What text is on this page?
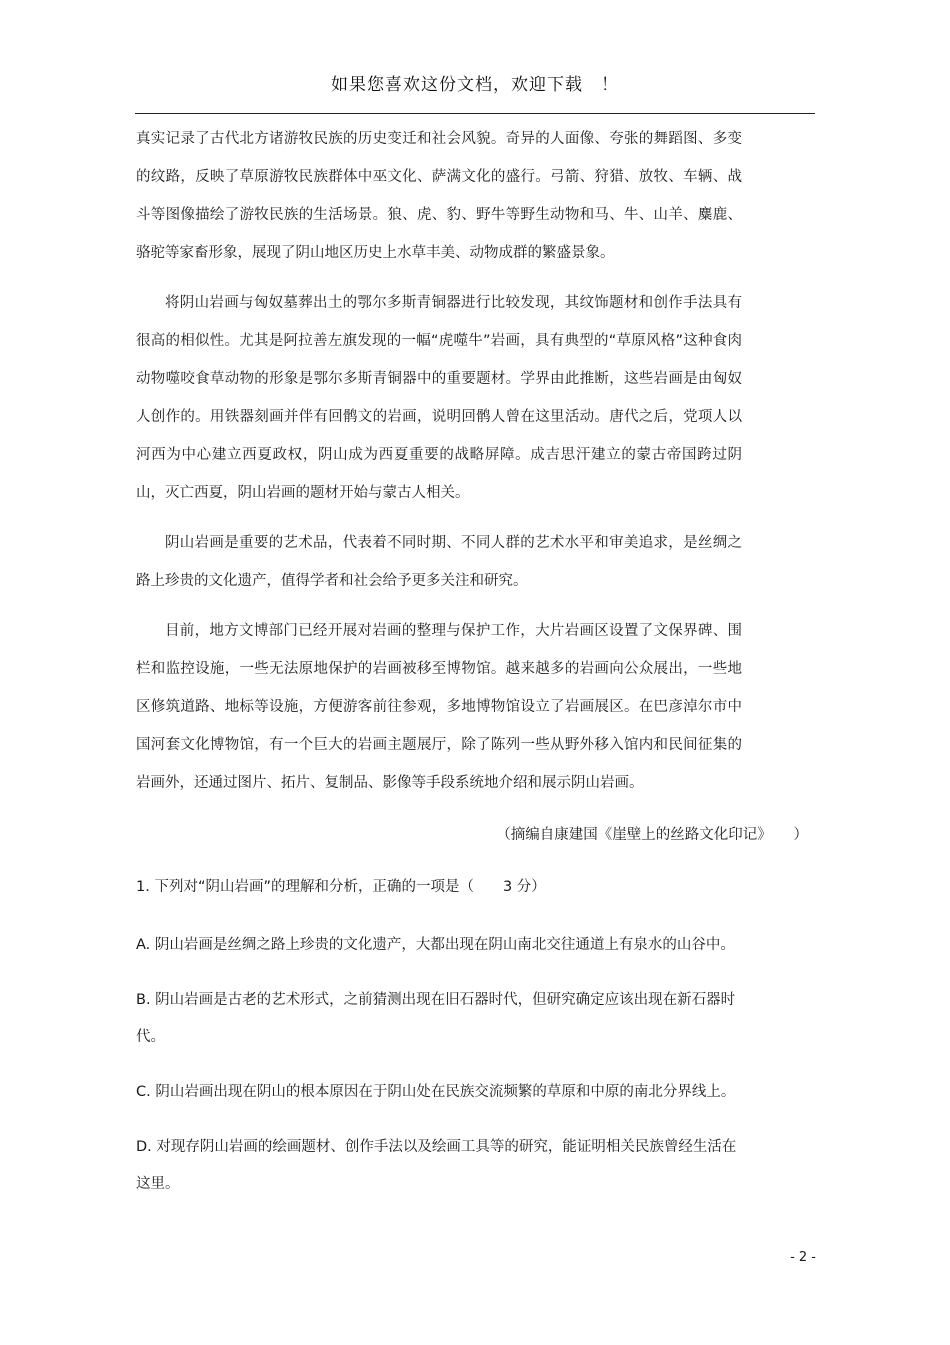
如果您喜欢这份文档，欢迎下载　！

真实记录了古代北方诸游牧民族的历史变迁和社会风貌。奇异的人面像、夸张的舞蹈图、多变的纹路，反映了草原游牧民族群体中巫文化、萨满文化的盛行。弓箭、狩猎、放牧、车辆、战斗等图像描绘了游牧民族的生活场景。狼、虎、豹、野牛等野生动物和马、牛、山羊、麋鹿、骆驼等家畜形象，展现了阴山地区历史上水草丰美、动物成群的繁盛景象。

将阴山岩画与匈奴墓葬出土的鄂尔多斯青铜器进行比较发现，其纹饰题材和创作手法具有很高的相似性。尤其是阿拉善左旗发现的一幅“虎噬牛”岩画，具有典型的“草原风格”这种食肉动物噬咬食草动物的形象是鄂尔多斯青铜器中的重要题材。学界由此推断，这些岩画是由匈奴人创作的。用铁器刻画并伴有回鹘文的岩画，说明回鹘人曾在这里活动。唐代之后，党项人以河西为中心建立西夏政权，阴山成为西夏重要的战略屏障。成吉思汗建立的蒙古帝国跨过阴山，灭亡西夏，阴山岩画的题材开始与蒙古人相关。

阴山岩画是重要的艺术品，代表着不同时期、不同人群的艺术水平和审美追求，是丝绸之路上珍贵的文化遗产，值得学者和社会给予更多关注和研究。

目前，地方文博部门已经开展对岩画的整理与保护工作，大片岩画区设置了文保界碑、围栏和监控设施，一些无法原地保护的岩画被移至博物馆。越来越多的岩画向公众展出，一些地区修筑道路、地标等设施，方便游客前往参观，多地博物馆设立了岩画展区。在巴彦淖尔市中国河套文化博物馆，有一个巨大的岩画主题展厅，除了陈列一些从野外移入馆内和民间征集的岩画外，还通过图片、拓片、复制品、影像等手段系统地介绍和展示阴山岩画。

（摘编自康建国《崖壁上的丝路文化印记》　　）

1. 下列对“阴山岩画”的理解和分析，正确的一项是（　　3 分）

A. 阴山岩画是丝绸之路上珍贵的文化遗产，大都出现在阴山南北交往通道上有泉水的山谷中。

B. 阴山岩画是古老的艺术形式，之前猜测出现在旧石器时代，但研究确定应该出现在新石器时代。

C. 阴山岩画出现在阴山的根本原因在于阴山处在民族交流频繁的草原和中原的南北分界线上。

D. 对现存阴山岩画的绘画题材、创作手法以及绘画工具等的研究，能证明相关民族曾经生活在这里。

- 2 -
